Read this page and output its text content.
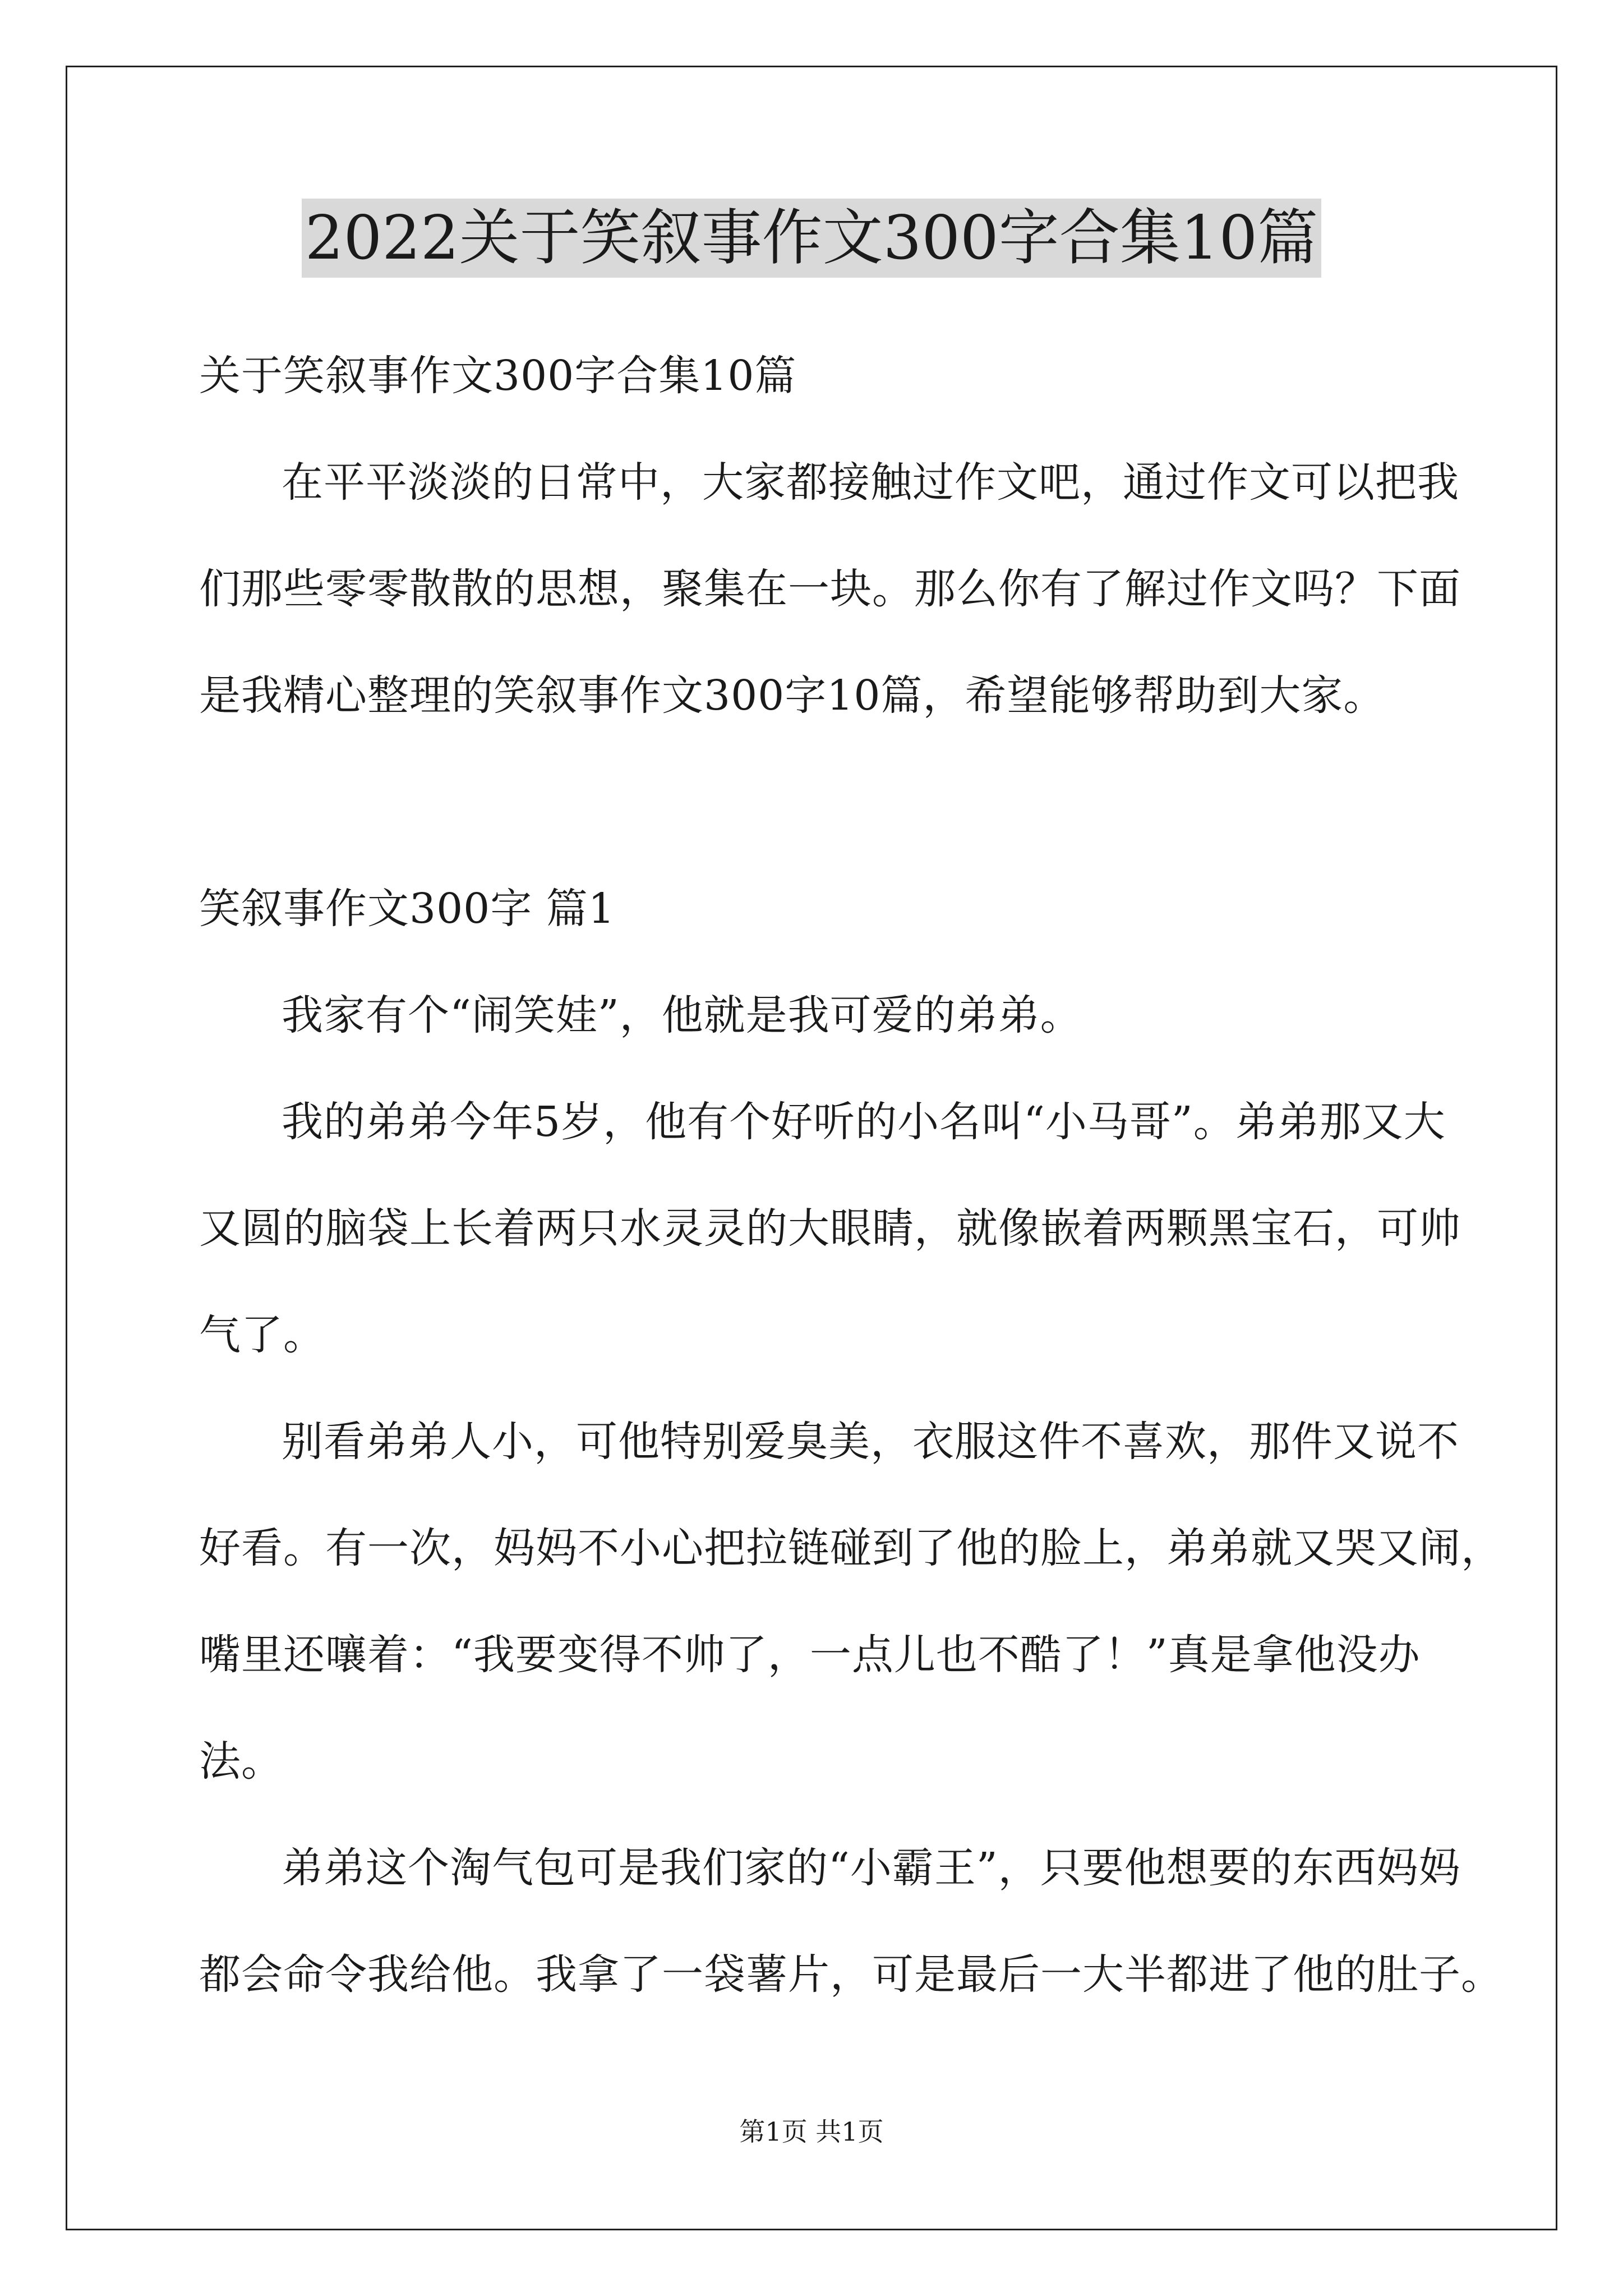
2022关于笑叙事作文300字合集10篇
关于笑叙事作文300字合集10篇
在平平淡淡的日常中，大家都接触过作文吧，通过作文可以把我
们那些零零散散的思想，聚集在一块。那么你有了解过作文吗？下面
是我精心整理的笑叙事作文300字10篇，希望能够帮助到大家。
笑叙事作文300字 篇1
我家有个“闹笑娃”，他就是我可爱的弟弟。
我的弟弟今年5岁，他有个好听的小名叫“小马哥”。弟弟那又大
又圆的脑袋上长着两只水灵灵的大眼睛，就像嵌着两颗黑宝石，可帅
气了。
别看弟弟人小，可他特别爱臭美，衣服这件不喜欢，那件又说不
好看。有一次，妈妈不小心把拉链碰到了他的脸上，弟弟就又哭又闹，
嘴里还嚷着：“我要变得不帅了，一点儿也不酷了！”真是拿他没办
法。
弟弟这个淘气包可是我们家的“小霸王”，只要他想要的东西妈妈
都会命令我给他。我拿了一袋薯片，可是最后一大半都进了他的肚子。
第1页 共1页
